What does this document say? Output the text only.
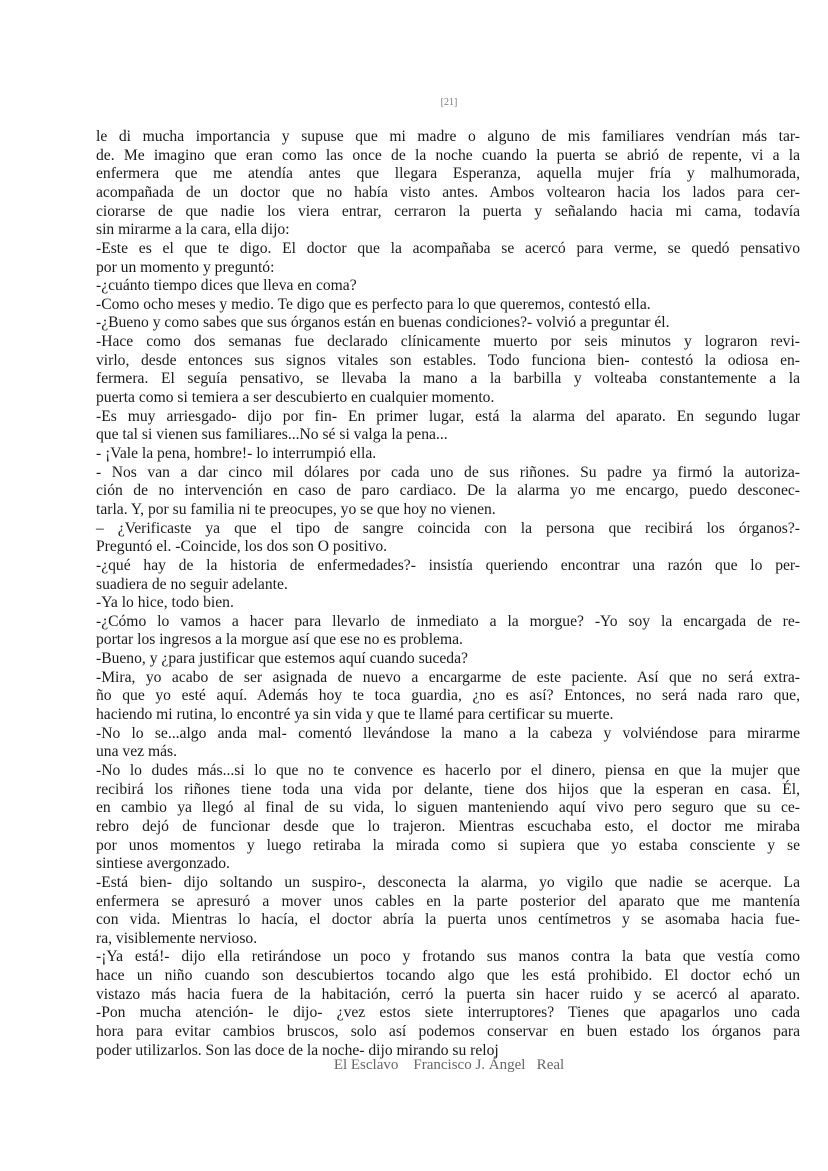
[21]
le di mucha importancia y supuse que mi madre o alguno de mis familiares vendrían más tar-
de. Me imagino que eran como las once de la noche cuando la puerta se abrió de repente, vi a la
enfermera que me atendía antes que llegara Esperanza, aquella mujer fría y malhumorada,
acompañada de un doctor que no había visto antes. Ambos voltearon hacia los lados para cer-
ciorarse de que nadie los viera entrar, cerraron la puerta y señalando hacia mi cama, todavía
sin mirarme a la cara, ella dijo:
-Este es el que te digo. El doctor que la acompañaba se acercó para verme, se quedó pensativo
por un momento y preguntó:
-¿cuánto tiempo dices que lleva en coma?
-Como ocho meses y medio. Te digo que es perfecto para lo que queremos, contestó ella.
-¿Bueno y como sabes que sus órganos están en buenas condiciones?- volvió a preguntar él.
-Hace como dos semanas fue declarado clínicamente muerto por seis minutos y lograron revi-
virlo, desde entonces sus signos vitales son estables. Todo funciona bien- contestó la odiosa en-
fermera. El seguía pensativo, se llevaba la mano a la barbilla y volteaba constantemente a la
puerta como si temiera a ser descubierto en cualquier momento.
-Es muy arriesgado- dijo por fin- En primer lugar, está la alarma del aparato. En segundo lugar
que tal si vienen sus familiares...No sé si valga la pena...
- ¡Vale la pena, hombre!- lo interrumpió ella.
- Nos van a dar cinco mil dólares por cada uno de sus riñones. Su padre ya firmó la autoriza-
ción de no intervención en caso de paro cardiaco. De la alarma yo me encargo, puedo desconec-
tarla. Y, por su familia ni te preocupes, yo se que hoy no vienen.
– ¿Verificaste ya que el tipo de sangre coincida con la persona que recibirá los órganos?-
Preguntó el. -Coincide, los dos son O positivo.
-¿qué hay de la historia de enfermedades?- insistía queriendo encontrar una razón que lo per-
suadiera de no seguir adelante.
-Ya lo hice, todo bien.
-¿Cómo lo vamos a hacer para llevarlo de inmediato a la morgue? -Yo soy la encargada de re-
portar los ingresos a la morgue así que ese no es problema.
-Bueno, y ¿para justificar que estemos aquí cuando suceda?
-Mira, yo acabo de ser asignada de nuevo a encargarme de este paciente. Así que no será extra-
ño que yo esté aquí. Además hoy te toca guardia, ¿no es así? Entonces, no será nada raro que,
haciendo mi rutina, lo encontré ya sin vida y que te llamé para certificar su muerte.
-No lo se...algo anda mal- comentó llevándose la mano a la cabeza y volviéndose para mirarme
una vez más.
-No lo dudes más...si lo que no te convence es hacerlo por el dinero, piensa en que la mujer que
recibirá los riñones tiene toda una vida por delante, tiene dos hijos que la esperan en casa. Él,
en cambio ya llegó al final de su vida, lo siguen manteniendo aquí vivo pero seguro que su ce-
rebro dejó de funcionar desde que lo trajeron. Mientras escuchaba esto, el doctor me miraba
por unos momentos y luego retiraba la mirada como si supiera que yo estaba consciente y se
sintiese avergonzado.
-Está bien- dijo soltando un suspiro-, desconecta la alarma, yo vigilo que nadie se acerque. La
enfermera se apresuró a mover unos cables en la parte posterior del aparato que me mantenía
con vida. Mientras lo hacía, el doctor abría la puerta unos centímetros y se asomaba hacia fue-
ra, visiblemente nervioso.
-¡Ya está!- dijo ella retirándose un poco y frotando sus manos contra la bata que vestía como
hace un niño cuando son descubiertos tocando algo que les está prohibido. El doctor echó un
vistazo más hacia fuera de la habitación, cerró la puerta sin hacer ruido y se acercó al aparato.
-Pon mucha atención- le dijo- ¿vez estos siete interruptores? Tienes que apagarlos uno cada
hora para evitar cambios bruscos, solo así podemos conservar en buen estado los órganos para
poder utilizarlos. Son las doce de la noche- dijo mirando su reloj
El Esclavo    Francisco J. Ángel   Real
